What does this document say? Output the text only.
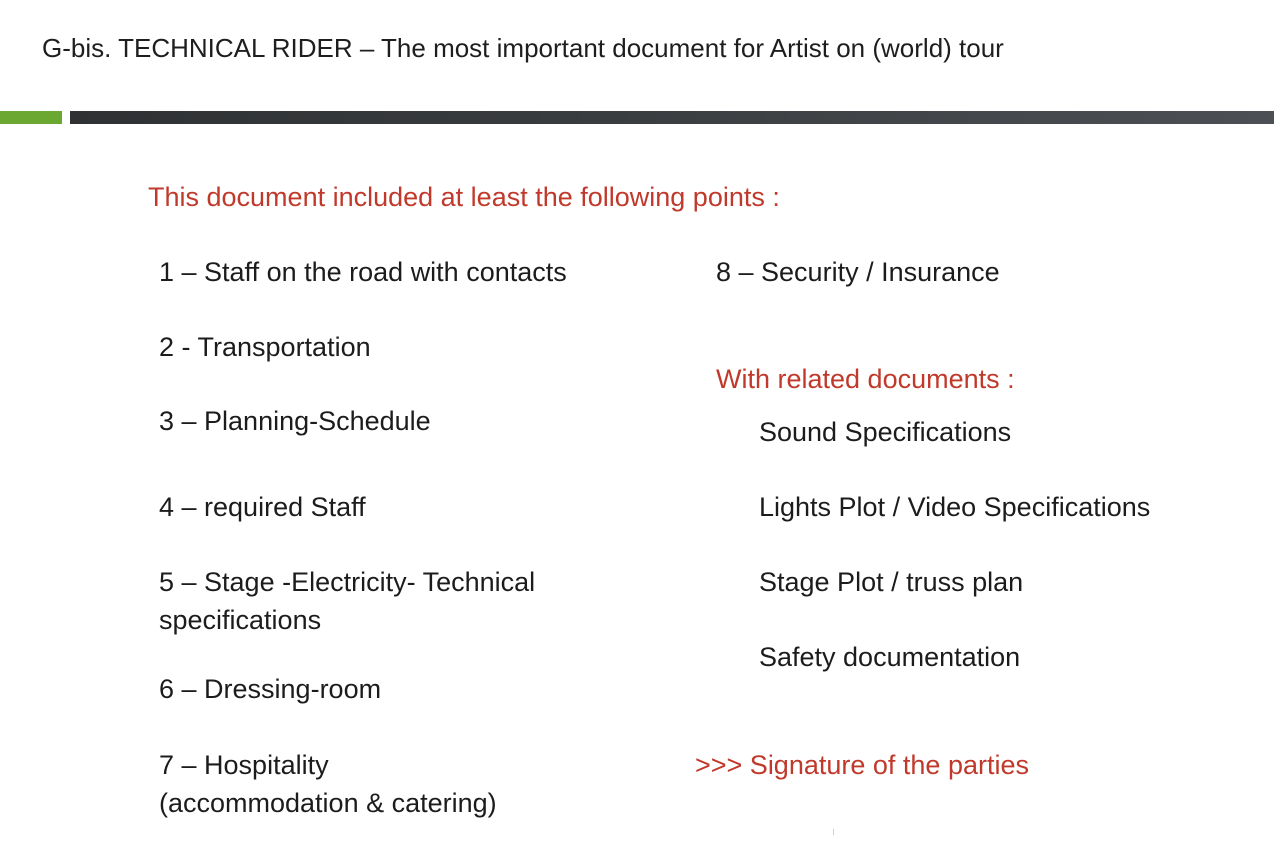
G-bis. TECHNICAL RIDER – The most important document for Artist on (world) tour
This document included at least the following points :
1 – Staff on the road with contacts
2 - Transportation
3 – Planning-Schedule
4 – required Staff
5 – Stage -Electricity- Technical
specifications
6 – Dressing-room
7 – Hospitality
(accommodation & catering)
8 – Security / Insurance
With related documents :
Sound Specifications
Lights Plot / Video Specifications
Stage Plot / truss plan
Safety documentation
>>> Signature of the parties
